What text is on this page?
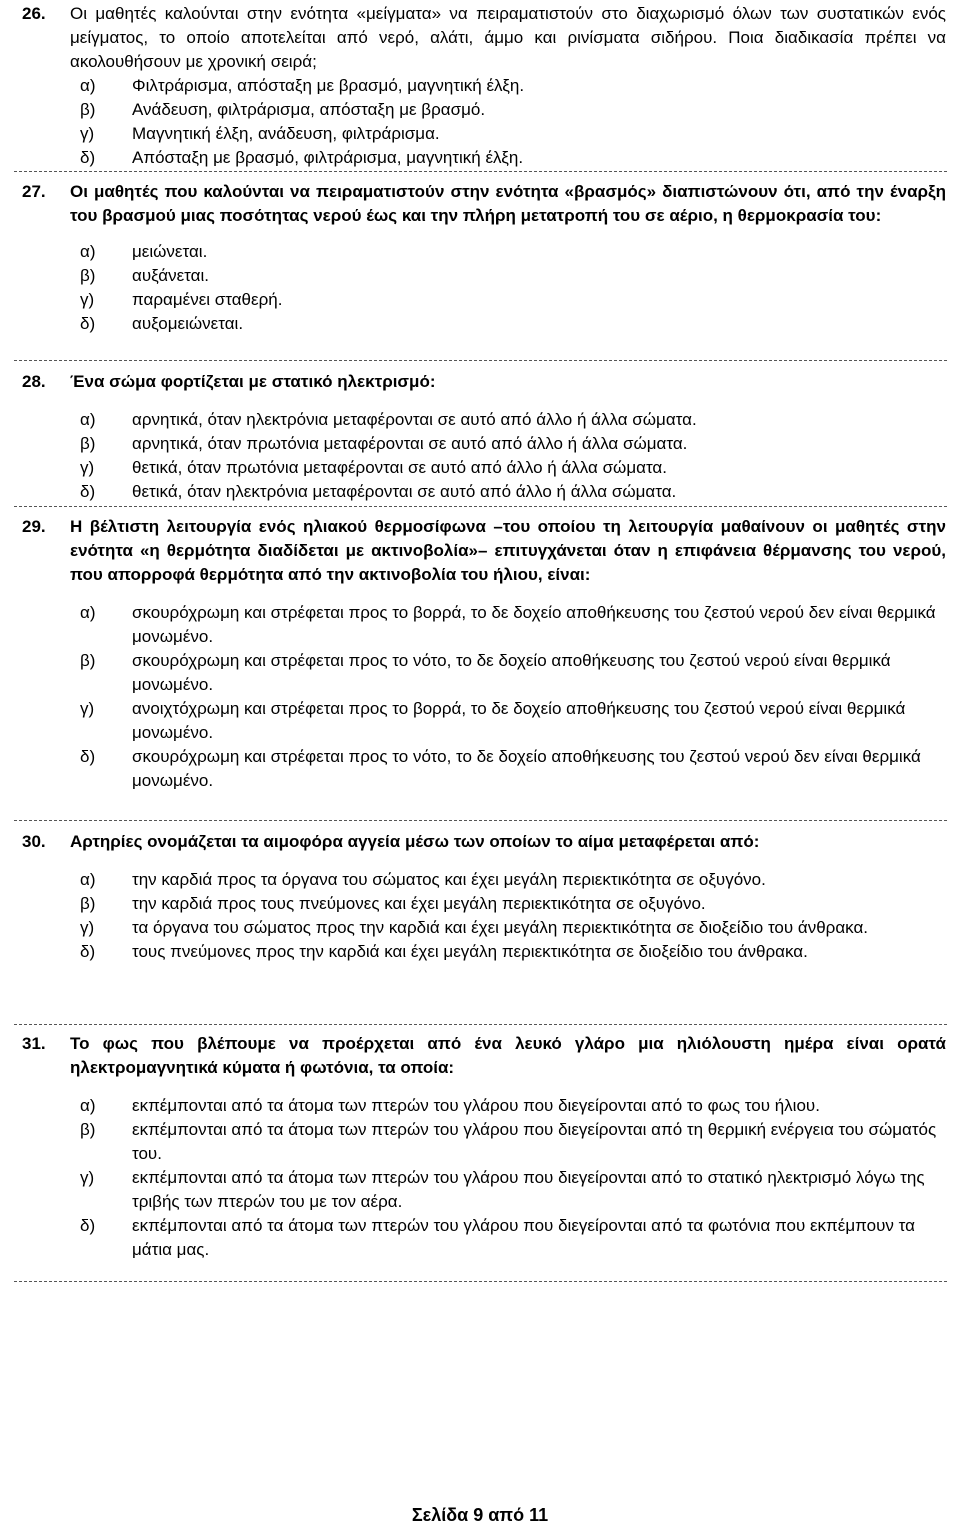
26.	Οι μαθητές καλούνται στην ενότητα «μείγματα» να πειραματιστούν στο διαχωρισμό όλων των συστατικών ενός μείγματος, το οποίο αποτελείται από νερό, αλάτι, άμμο και ρινίσματα σιδήρου. Ποια διαδικασία πρέπει να ακολουθήσουν με χρονική σειρά;
α)	Φιλτράρισμα, απόσταξη με βρασμό, μαγνητική έλξη.
β)	Ανάδευση, φιλτράρισμα, απόσταξη με βρασμό.
γ)	Μαγνητική έλξη, ανάδευση, φιλτράρισμα.
δ)	Απόσταξη με βρασμό, φιλτράρισμα, μαγνητική έλξη.
27.	Οι μαθητές που καλούνται να πειραματιστούν στην ενότητα «βρασμός» διαπιστώνουν ότι, από την έναρξη του βρασμού μιας ποσότητας νερού έως και την πλήρη μετατροπή του σε αέριο, η θερμοκρασία του:
α)	μειώνεται.
β)	αυξάνεται.
γ)	παραμένει σταθερή.
δ)	αυξομειώνεται.
28.	Ένα σώμα φορτίζεται με στατικό ηλεκτρισμό:
α)	αρνητικά, όταν ηλεκτρόνια μεταφέρονται σε αυτό από άλλο ή άλλα σώματα.
β)	αρνητικά, όταν πρωτόνια μεταφέρονται σε αυτό από άλλο ή άλλα σώματα.
γ)	θετικά, όταν πρωτόνια μεταφέρονται σε αυτό από άλλο ή άλλα σώματα.
δ)	θετικά, όταν ηλεκτρόνια μεταφέρονται σε αυτό από άλλο ή άλλα σώματα.
29.	Η βέλτιστη λειτουργία ενός ηλιακού θερμοσίφωνα –του οποίου τη λειτουργία μαθαίνουν οι μαθητές στην ενότητα «η θερμότητα διαδίδεται με ακτινοβολία»– επιτυγχάνεται όταν η επιφάνεια θέρμανσης του νερού, που απορροφά θερμότητα από την ακτινοβολία του ήλιου, είναι:
α)	σκουρόχρωμη και στρέφεται προς το βορρά, το δε δοχείο αποθήκευσης του ζεστού νερού δεν είναι θερμικά μονωμένο.
β)	σκουρόχρωμη και στρέφεται προς το νότο, το δε δοχείο αποθήκευσης του ζεστού νερού είναι θερμικά μονωμένο.
γ)	ανοιχτόχρωμη και στρέφεται προς το βορρά, το δε δοχείο αποθήκευσης του ζεστού νερού είναι θερμικά μονωμένο.
δ)	σκουρόχρωμη και στρέφεται προς το νότο, το δε δοχείο αποθήκευσης του ζεστού νερού δεν είναι θερμικά μονωμένο.
30.	Αρτηρίες ονομάζεται τα αιμοφόρα αγγεία μέσω των οποίων το αίμα μεταφέρεται από:
α)	την καρδιά προς τα όργανα του σώματος και έχει μεγάλη περιεκτικότητα σε οξυγόνο.
β)	την καρδιά προς τους πνεύμονες και έχει μεγάλη περιεκτικότητα σε οξυγόνο.
γ)	τα όργανα του σώματος προς την καρδιά και έχει μεγάλη περιεκτικότητα σε διοξείδιο του άνθρακα.
δ)	τους πνεύμονες προς την καρδιά και έχει μεγάλη περιεκτικότητα σε διοξείδιο του άνθρακα.
31.	Το φως που βλέπουμε να προέρχεται από ένα λευκό γλάρο μια ηλιόλουστη ημέρα είναι ορατά ηλεκτρομαγνητικά κύματα ή φωτόνια, τα οποία:
α)	εκπέμπονται από τα άτομα των πτερών του γλάρου που διεγείρονται από το φως του ήλιου.
β)	εκπέμπονται από τα άτομα των πτερών του γλάρου που διεγείρονται από τη θερμική ενέργεια του σώματός του.
γ)	εκπέμπονται από τα άτομα των πτερών του γλάρου που διεγείρονται από το στατικό ηλεκτρισμό λόγω της τριβής των πτερών του με τον αέρα.
δ)	εκπέμπονται από τα άτομα των πτερών του γλάρου που διεγείρονται από τα φωτόνια που εκπέμπουν τα μάτια μας.
Σελίδα 9 από 11
